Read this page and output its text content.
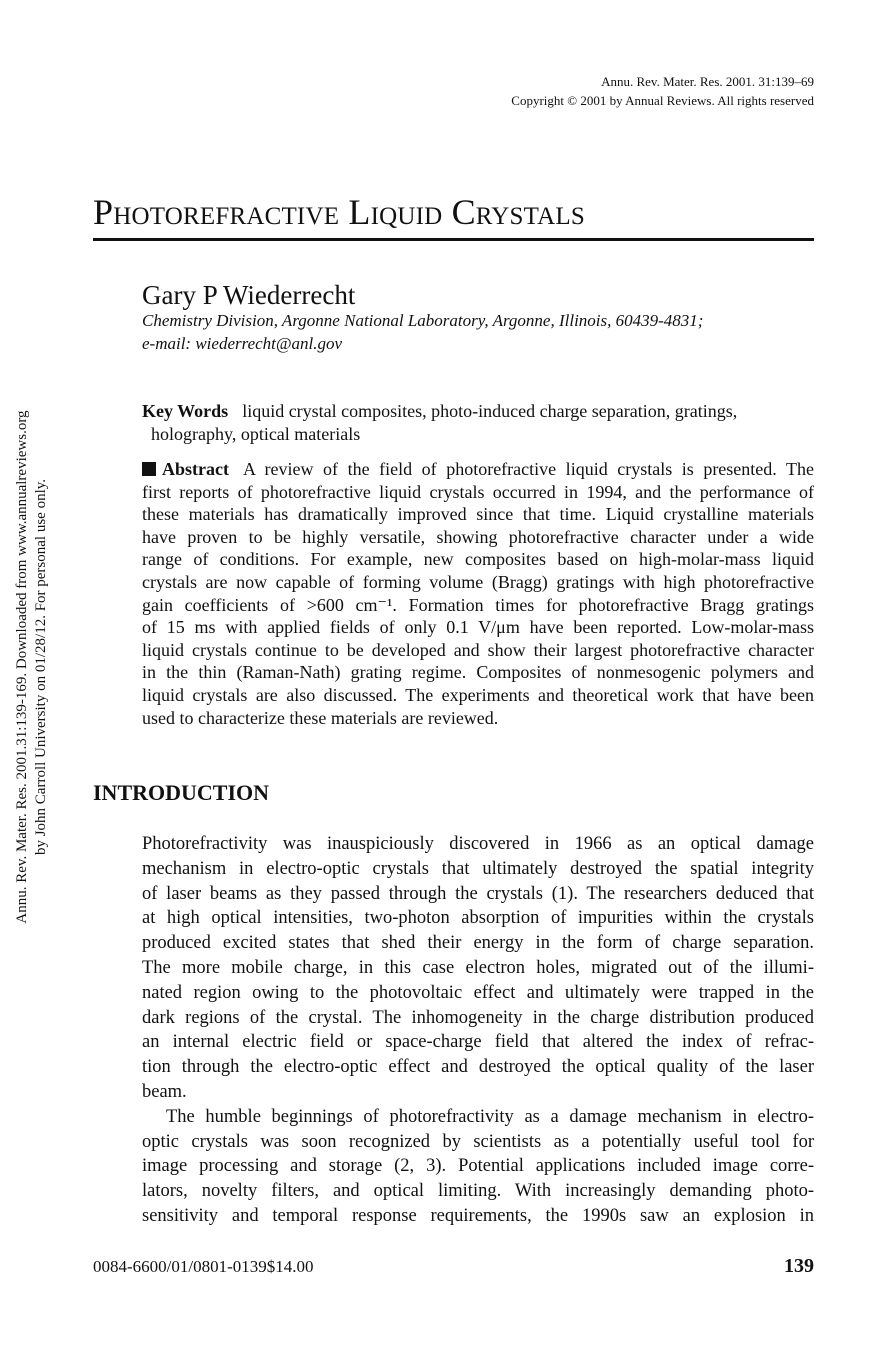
Annu. Rev. Mater. Res. 2001. 31:139–69
Copyright © 2001 by Annual Reviews. All rights reserved
Photorefractive Liquid Crystals
Gary P Wiederrecht
Chemistry Division, Argonne National Laboratory, Argonne, Illinois, 60439-4831;
e-mail: wiederrecht@anl.gov
Key Words liquid crystal composites, photo-induced charge separation, gratings,
holography, optical materials
Abstract A review of the field of photorefractive liquid crystals is presented. The
first reports of photorefractive liquid crystals occurred in 1994, and the performance of
these materials has dramatically improved since that time. Liquid crystalline materials
have proven to be highly versatile, showing photorefractive character under a wide
range of conditions. For example, new composites based on high-molar-mass liquid
crystals are now capable of forming volume (Bragg) gratings with high photorefractive
gain coefficients of >600 cm⁻¹. Formation times for photorefractive Bragg gratings
of 15 ms with applied fields of only 0.1 V/μm have been reported. Low-molar-mass
liquid crystals continue to be developed and show their largest photorefractive character
in the thin (Raman-Nath) grating regime. Composites of nonmesogenic polymers and
liquid crystals are also discussed. The experiments and theoretical work that have been
used to characterize these materials are reviewed.
INTRODUCTION
Photorefractivity was inauspiciously discovered in 1966 as an optical damage
mechanism in electro-optic crystals that ultimately destroyed the spatial integrity
of laser beams as they passed through the crystals (1). The researchers deduced that
at high optical intensities, two-photon absorption of impurities within the crystals
produced excited states that shed their energy in the form of charge separation.
The more mobile charge, in this case electron holes, migrated out of the illumi-
nated region owing to the photovoltaic effect and ultimately were trapped in the
dark regions of the crystal. The inhomogeneity in the charge distribution produced
an internal electric field or space-charge field that altered the index of refrac-
tion through the electro-optic effect and destroyed the optical quality of the laser
beam.
The humble beginnings of photorefractivity as a damage mechanism in electro-
optic crystals was soon recognized by scientists as a potentially useful tool for
image processing and storage (2, 3). Potential applications included image corre-
lators, novelty filters, and optical limiting. With increasingly demanding photo-
sensitivity and temporal response requirements, the 1990s saw an explosion in
0084-6600/01/0801-0139$14.00	139
Annu. Rev. Mater. Res. 2001.31:139-169. Downloaded from www.annualreviews.org by John Carroll University on 01/28/12. For personal use only.
